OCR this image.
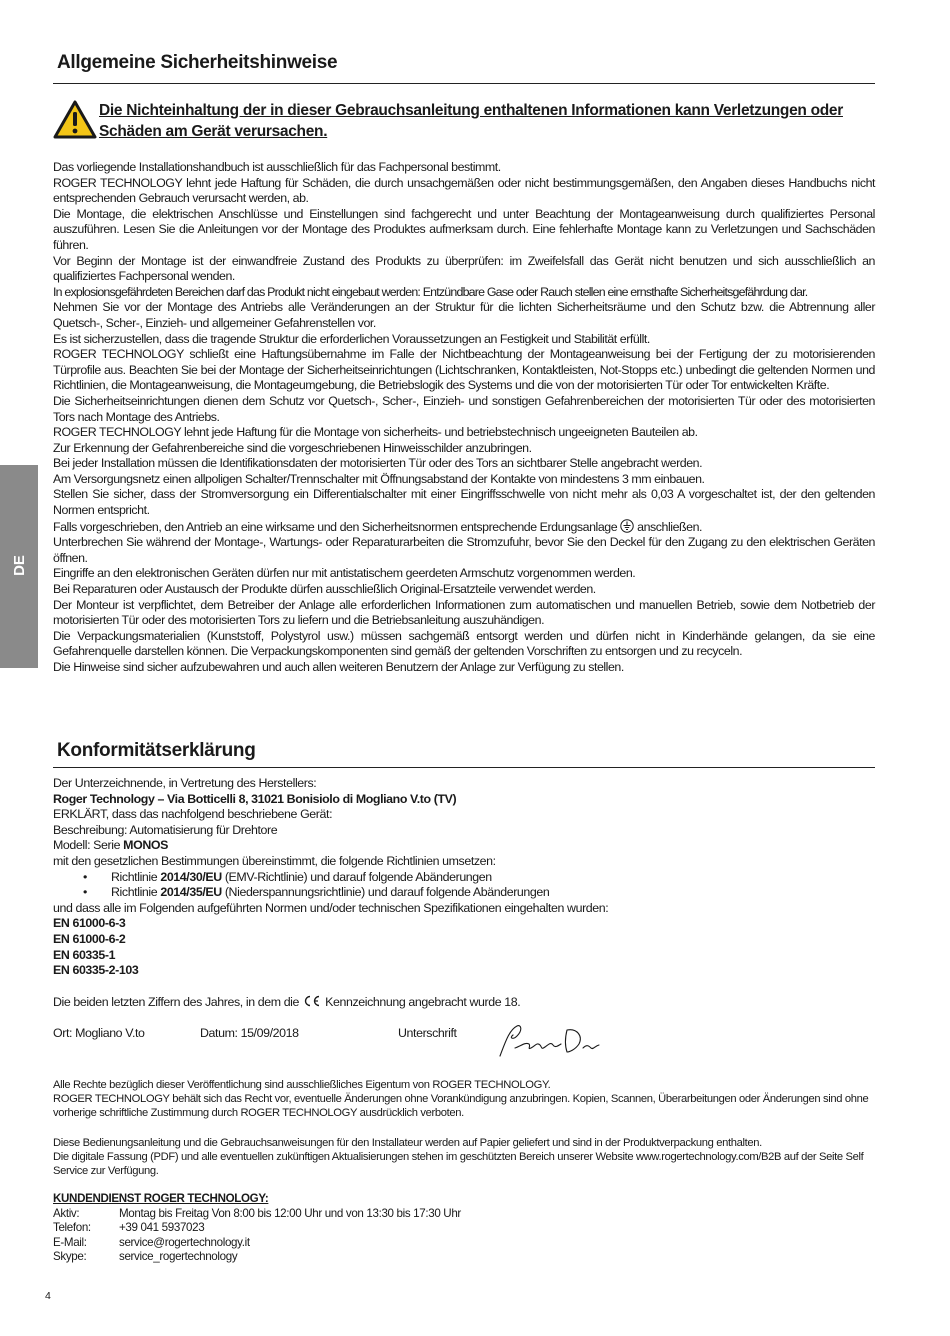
Allgemeine Sicherheitshinweise
Die Nichteinhaltung der in dieser Gebrauchsanleitung enthaltenen Informationen kann Verletzungen oder Schäden am Gerät verursachen.

Das vorliegende Installationshandbuch ist ausschließlich für das Fachpersonal bestimmt.

ROGER TECHNOLOGY lehnt jede Haftung für Schäden, die durch unsachgemäßen oder nicht bestimmungsgemäßen, den Angaben dieses Handbuchs nicht entsprechenden Gebrauch verursacht werden, ab.

Die Montage, die elektrischen Anschlüsse und Einstellungen sind fachgerecht und unter Beachtung der Montageanweisung durch qualifiziertes Personal auszuführen. Lesen Sie die Anleitungen vor der Montage des Produktes aufmerksam durch. Eine fehlerhafte Montage kann zu Verletzungen und Sachschäden führen.

Vor Beginn der Montage ist der einwandfreie Zustand des Produkts zu überprüfen: im Zweifelsfall das Gerät nicht benutzen und sich ausschließlich an qualifiziertes Fachpersonal wenden.

In explosionsgefährdeten Bereichen darf das Produkt nicht eingebaut werden: Entzündbare Gase oder Rauch stellen eine ernsthafte Sicherheitsgefährdung dar.

Nehmen Sie vor der Montage des Antriebs alle Veränderungen an der Struktur für die lichten Sicherheitsräume und den Schutz bzw. die Abtrennung aller Quetsch-, Scher-, Einzieh- und allgemeiner Gefahrenstellen vor.

Es ist sicherzustellen, dass die tragende Struktur die erforderlichen Voraussetzungen an Festigkeit und Stabilität erfüllt.

ROGER TECHNOLOGY schließt eine Haftungsübernahme im Falle der Nichtbeachtung der Montageanweisung bei der Fertigung der zu motorisierenden Türprofile aus. Beachten Sie bei der Montage der Sicherheitseinrichtungen (Lichtschranken, Kontaktleisten, Not-Stopps etc.) unbedingt die geltenden Normen und Richtlinien, die Montageanweisung, die Montageumgebung, die Betriebslogik des Systems und die von der motorisierten Tür oder Tor entwickelten Kräfte.

Die Sicherheitseinrichtungen dienen dem Schutz vor Quetsch-, Scher-, Einzieh- und sonstigen Gefahrenbereichen der motorisierten Tür oder des motorisierten Tors nach Montage des Antriebs.

ROGER TECHNOLOGY lehnt jede Haftung für die Montage von sicherheits- und betriebstechnisch ungeeigneten Bauteilen ab.

Zur Erkennung der Gefahrenbereiche sind die vorgeschriebenen Hinweisschilder anzubringen.

Bei jeder Installation müssen die Identifikationsdaten der motorisierten Tür oder des Tors an sichtbarer Stelle angebracht werden.

Am Versorgungsnetz einen allpoligen Schalter/Trennschalter mit Öffnungsabstand der Kontakte von mindestens 3 mm einbauen.

Stellen Sie sicher, dass der Stromversorgung ein Differentialschalter mit einer Eingriffsschwelle von nicht mehr als 0,03 A vorgeschaltet ist, der den geltenden Normen entspricht.

Falls vorgeschrieben, den Antrieb an eine wirksame und den Sicherheitsnormen entsprechende Erdungsanlage anschließen.

Unterbrechen Sie während der Montage-, Wartungs- oder Reparaturarbeiten die Stromzufuhr, bevor Sie den Deckel für den Zugang zu den elektrischen Geräten öffnen.

Eingriffe an den elektronischen Geräten dürfen nur mit antistatischem geerdeten Armschutz vorgenommen werden.

Bei Reparaturen oder Austausch der Produkte dürfen ausschließlich Original-Ersatzteile verwendet werden.

Der Monteur ist verpflichtet, dem Betreiber der Anlage alle erforderlichen Informationen zum automatischen und manuellen Betrieb, sowie dem Notbetrieb der motorisierten Tür oder des motorisierten Tors zu liefern und die Betriebsanleitung auszuhändigen.

Die Verpackungsmaterialien (Kunststoff, Polystyrol usw.) müssen sachgemäß entsorgt werden und dürfen nicht in Kinderhände gelangen, da sie eine Gefahrenquelle darstellen können. Die Verpackungskomponenten sind gemäß der geltenden Vorschriften zu entsorgen und zu recyceln.

Die Hinweise sind sicher aufzubewahren und auch allen weiteren Benutzern der Anlage zur Verfügung zu stellen.

DE
Konformitätserklärung

Der Unterzeichnende, in Vertretung des Herstellers:

Roger Technology – Via Botticelli 8, 31021 Bonisiolo di Mogliano V.to (TV)

ERKLÄRT, dass das nachfolgend beschriebene Gerät:

Beschreibung: Automatisierung für Drehtore

Modell: Serie MONOS

mit den gesetzlichen Bestimmungen übereinstimmt, die folgende Richtlinien umsetzen:

• Richtlinie 2014/30/EU (EMV-Richtlinie) und darauf folgende Abänderungen

• Richtlinie 2014/35/EU (Niederspannungsrichtlinie) und darauf folgende Abänderungen

und dass alle im Folgenden aufgeführten Normen und/oder technischen Spezifikationen eingehalten wurden:

EN 61000-6-3

EN 61000-6-2

EN 60335-1

EN 60335-2-103

Die beiden letzten Ziffern des Jahres, in dem die Kennzeichnung angebracht wurde 18.

Ort: Mogliano V.to	Datum: 15/09/2018	Unterschrift

Alle Rechte bezüglich dieser Veröffentlichung sind ausschließliches Eigentum von ROGER TECHNOLOGY.

ROGER TECHNOLOGY behält sich das Recht vor, eventuelle Änderungen ohne Vorankündigung anzubringen. Kopien, Scannen, Überarbeitungen oder Änderungen sind ohne vorherige schriftliche Zustimmung durch ROGER TECHNOLOGY ausdrücklich verboten.

Diese Bedienungsanleitung und die Gebrauchsanweisungen für den Installateur werden auf Papier geliefert und sind in der Produktverpackung enthalten.

Die digitale Fassung (PDF) und alle eventuellen zukünftigen Aktualisierungen stehen im geschützten Bereich unserer Website www.rogertechnology.com/B2B auf der Seite Self Service zur Verfügung.

KUNDENDIENST ROGER TECHNOLOGY:
Aktiv:	Montag bis Freitag Von 8:00 bis 12:00 Uhr und von 13:30 bis 17:30 Uhr
Telefon: +39 041 5937023
E-Mail:	service@rogertechnology.it
Skype:	service_rogertechnology
4
